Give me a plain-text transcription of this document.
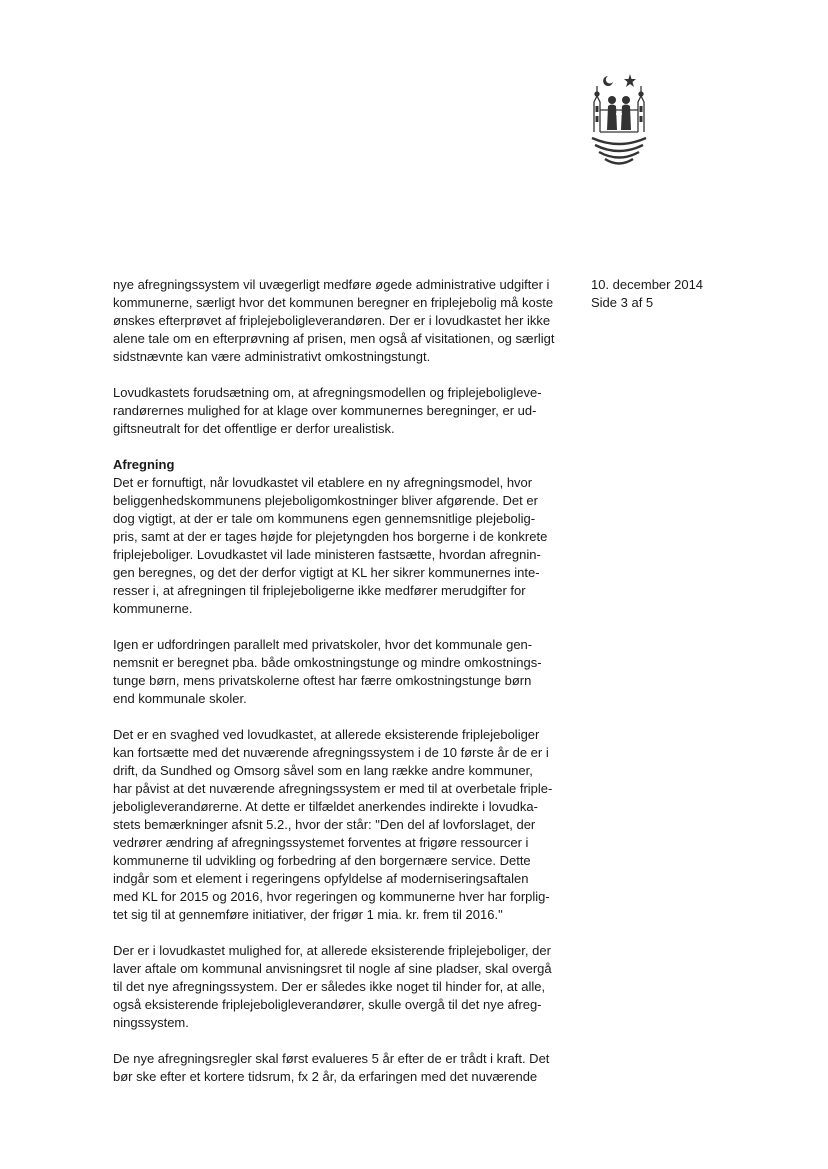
10. december 2014
Side 3 af 5
nye afregningssystem vil uvægerligt medføre øgede administrative udgifter i
kommunerne, særligt hvor det kommunen beregner en friplejebolig må koste
ønskes efterprøvet af friplejeboligleverandøren. Der er i lovudkastet her ikke
alene tale om en efterprøvning af prisen, men også af visitationen, og særligt
sidstnævnte kan være administrativt omkostningstungt.
Lovudkastets forudsætning om, at afregningsmodellen og friplejeboliglеve-
randørernes mulighed for at klage over kommunernes beregninger, er ud-
giftsneutralt for det offentlige er derfor urealistisk.
Afregning
Det er fornuftigt, når lovudkastet vil etablere en ny afregningsmodel, hvor
beliggenhedskommunens plejeboligomkostninger bliver afgørende. Det er
dog vigtigt, at der er tale om kommunens egen gennemsnitlige plejebolig-
pris, samt at der er tages højde for plejetyngden hos borgerne i de konkrete
friplejeboliger. Lovudkastet vil lade ministeren fastsætte, hvordan afregnin-
gen beregnes, og det der derfor vigtigt at KL her sikrer kommunernes inte-
resser i, at afregningen til friplejeboligerne ikke medfører merudgifter for
kommunerne.
Igen er udfordringen parallelt med privatskoler, hvor det kommunale gen-
nemsnit er beregnet pba. både omkostningstunge og mindre omkostnings-
tunge børn, mens privatskolerne oftest har færre omkostningstunge børn
end kommunale skoler.
Det er en svaghed ved lovudkastet, at allerede eksisterende friplejeboliger
kan fortsætte med det nuværende afregningssystem i de 10 første år de er i
drift, da Sundhed og Omsorg såvel som en lang række andre kommuner,
har påvist at det nuværende afregningssystem er med til at overbetale friple-
jeboligleverandørerne. At dette er tilfældet anerkendes indirekte i lovudka-
stets bemærkninger afsnit 5.2., hvor der står: "Den del af lovforslaget, der
vedrører ændring af afregningssystemet forventes at frigøre ressourcer i
kommunerne til udvikling og forbedring af den borgernære service. Dette
indgår som et element i regeringens opfyldelse af moderniseringsaftalen
med KL for 2015 og 2016, hvor regeringen og kommunerne hver har forplig-
tet sig til at gennemføre initiativer, der frigør 1 mia. kr. frem til 2016."
Der er i lovudkastet mulighed for, at allerede eksisterende friplejeboliger, der
laver aftale om kommunal anvisningsret til nogle af sine pladser, skal overgå
til det nye afregningssystem. Der er således ikke noget til hinder for, at alle,
også eksisterende friplejeboligleverandører, skulle overgå til det nye afreg-
ningssystem.
De nye afregningsregler skal først evalueres 5 år efter de er trådt i kraft. Det
bør ske efter et kortere tidsrum, fx 2 år, da erfaringen med det nuværende
